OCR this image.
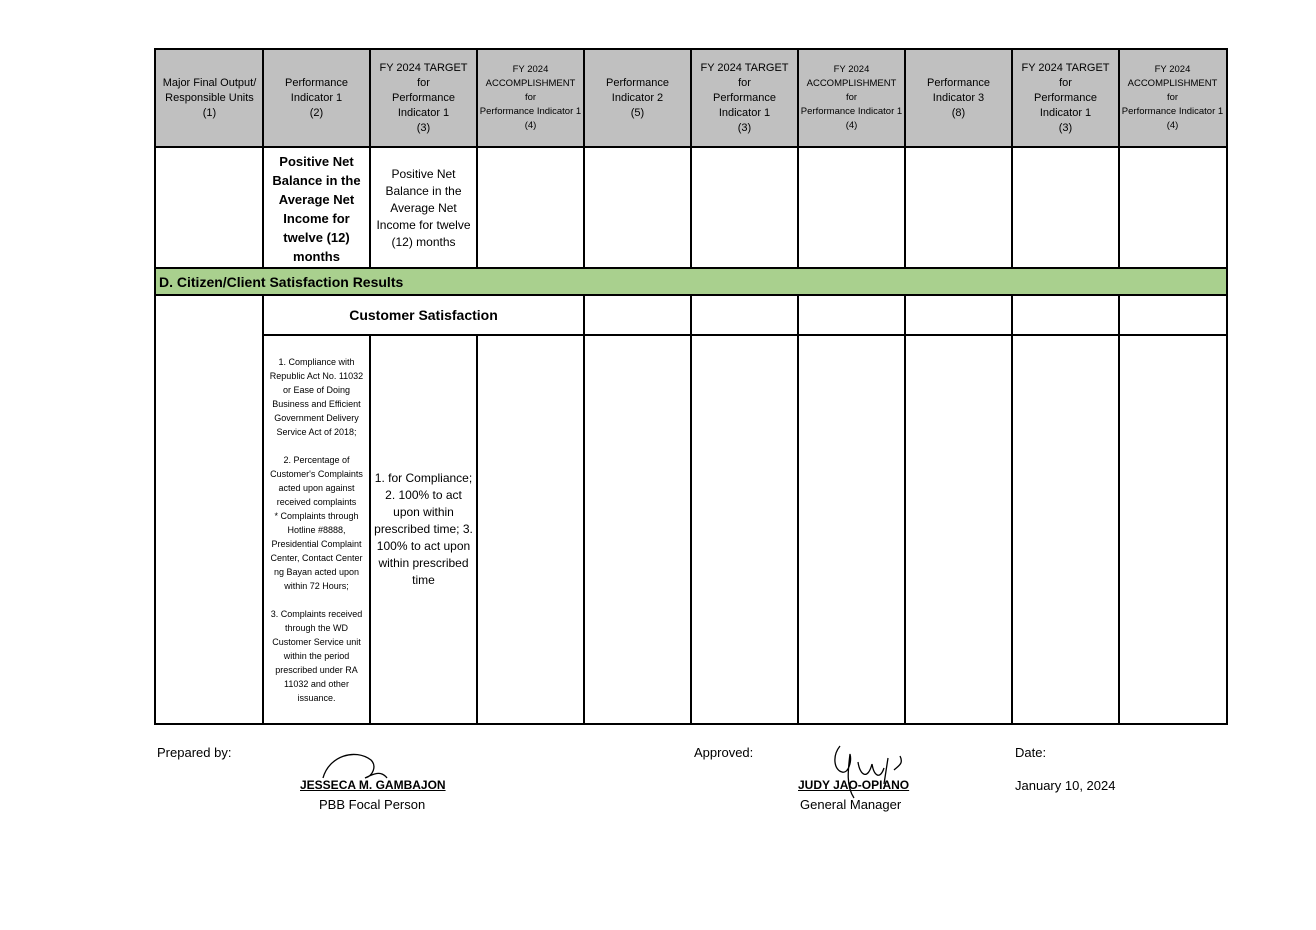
Major Final Output/
Responsible Units
(1)
Performance
Indicator 1
(2)
FY 2024 TARGET for
Performance
Indicator 1
(3)
FY 2024
ACCOMPLISHMENT for
Performance Indicator 1
(4)
Performance
Indicator 2
(5)
FY 2024 TARGET for
Performance
Indicator 1
(3)
FY 2024
ACCOMPLISHMENT for
Performance Indicator 1
(4)
Performance
Indicator 3
(8)
FY 2024 TARGET for
Performance
Indicator 1
(3)
FY 2024
ACCOMPLISHMENT for
Performance Indicator 1
(4)
Positive Net Balance in the Average Net Income for twelve (12) months
Positive Net Balance in the Average Net Income for twelve (12) months
D. Citizen/Client Satisfaction Results
Customer Satisfaction
1. Compliance with Republic Act No. 11032 or Ease of Doing Business and Efficient Government Delivery Service Act of 2018;

2. Percentage of Customer's Complaints acted upon against received complaints
* Complaints through Hotline #8888, Presidential Complaint Center, Contact Center ng Bayan acted upon within 72 Hours;

3. Complaints received through the WD Customer Service unit within the period prescribed under RA 11032 and other issuance.
1. for Compliance; 2. 100% to act upon within prescribed time; 3. 100% to act upon within prescribed time
Prepared by:
JESSECA M. GAMBAJON
PBB Focal Person
Approved:
JUDY JAO-OPIANO
General Manager
Date:
January 10, 2024
